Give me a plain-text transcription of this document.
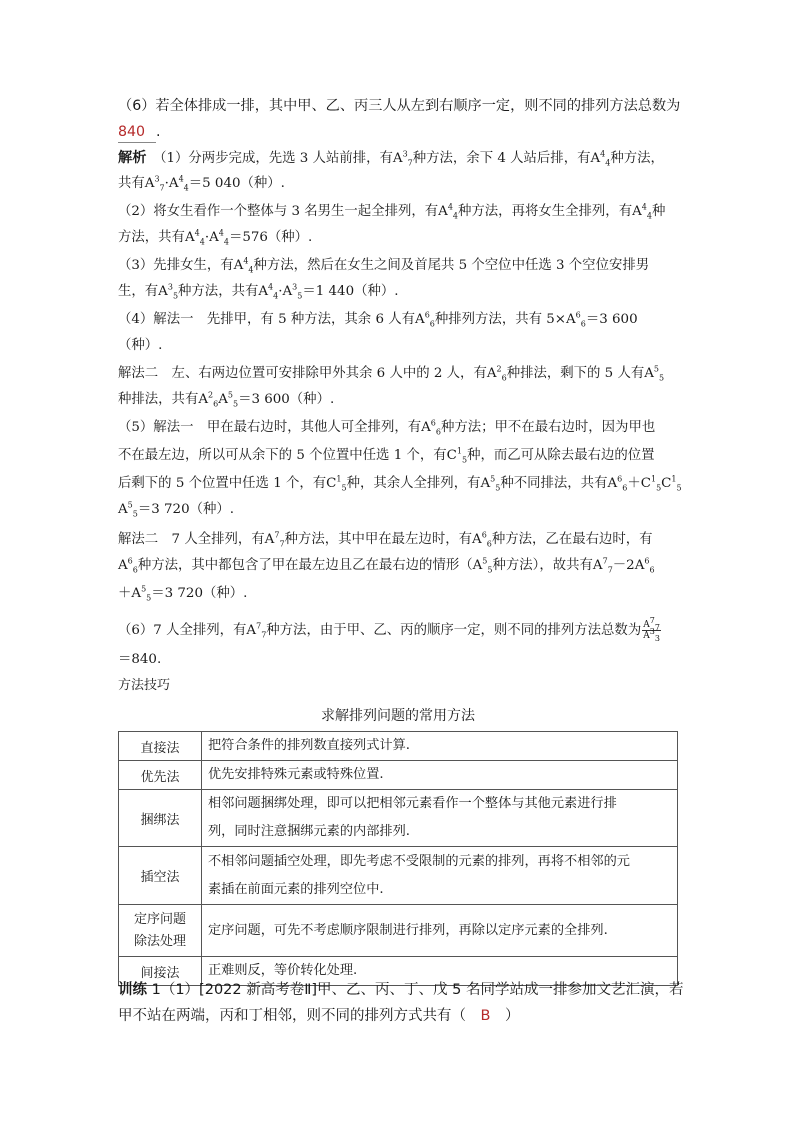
（6）若全体排成一排，其中甲、乙、丙三人从左到右顺序一定，则不同的排列方法总数为
840 .
解析　 （1）分两步完成，先选 3 人站前排，有$A^3_7$种方法，余下 4 人站后排，有$A^4_4$种方法，
共有$A^3_7\cdot A^4_4=5$ 040（种）.
（2）将女生看作一个整体与 3 名男生一起全排列，有$A^4_4$种方法，再将女生全排列，有$A^4_4$种
方法，共有$A^4_4\cdot A^4_4=576$（种）.
（3）先排女生，有$A^4_4$种方法，然后在女生之间及首尾共 5 个空位中任选 3 个空位安排男
生，有$A^3_5$种方法，共有$A^4_4\cdot A^3_5=1$ 440（种）.
（4）解法一　先排甲，有 5 种方法，其余 6 人有$A^6_6$种排列方法，共有 $5\times A^6_6=3$ 600
（种）.
解法二　左、右两边位置可安排除甲外其余 6 人中的 2 人，有$A^2_6$种排法，剩下的 5 人有$A^5_5$
种排法，共有$A^2_6A^5_5=3$ 600（种）.
（5）解法一　甲在最右边时，其他人可全排列，有$A^6_6$种方法；甲不在最右边时，因为甲也
不在最左边，所以可从余下的 5 个位置中任选 1 个，有$C^1_5$种，而乙可从除去最右边的位置
后剩下的 5 个位置中任选 1 个，有$C^1_5$种，其余人全排列，有$A^5_5$种不同排法，共有$A^6_6+C^1_5C^1_5$
$A^5_5=3$ 720（种）.
解法二　7 人全排列，有$A^7_7$种方法，其中甲在最左边时，有$A^6_6$种方法，乙在最右边时，有
$A^6_6$种方法，其中都包含了甲在最左边且乙在最右边的情形（$A^5_5$种方法），故共有$A^7_7-2A^6_6$
$+A^5_5=3$ 720（种）.
（6）7 人全排列，有$A^7_7$种方法，由于甲、乙、丙的顺序一定，则不同的排列方法总数为 $\frac{A^7_7}{A^3_3}$
＝840.
方法技巧
求解排列问题的常用方法
直接法	把符合条件的排列数直接列式计算.
优先法	优先安排特殊元素或特殊位置.
捆绑法	相邻问题捆绑处理，即可以把相邻元素看作一个整体与其他元素进行排
列，同时注意捆绑元素的内部排列.

插空法	不相邻问题插空处理，即先考虑不受限制的元素的排列，再将不相邻的元
素插在前面元素的排列空位中.

定序问题
除法处理	定序问题，可先不考虑顺序限制进行排列，再除以定序元素的全排列.
间接法	正难则反，等价转化处理.
训练 1（1）[2022 新高考卷Ⅱ]甲、乙、丙、丁、戊 5 名同学站成一排参加文艺汇演，若
甲不站在两端，丙和丁相邻，则不同的排列方式共有（　 B　 ）
